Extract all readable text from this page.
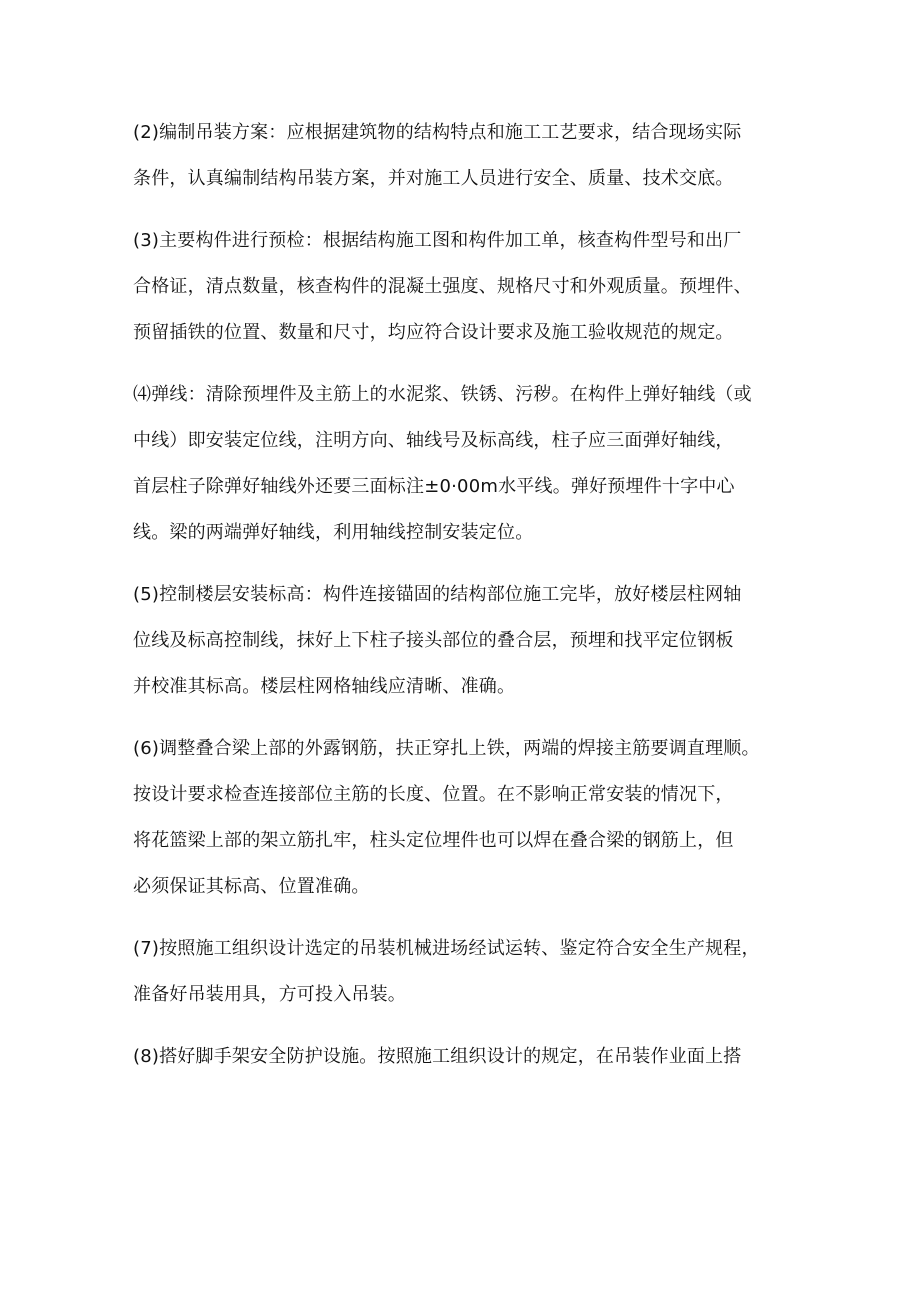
(2)编制吊装方案：应根据建筑物的结构特点和施工工艺要求，结合现场实际
条件，认真编制结构吊装方案，并对施工人员进行安全、质量、技术交底。

(3)主要构件进行预检：根据结构施工图和构件加工单，核查构件型号和出厂
合格证，清点数量，核查构件的混凝土强度、规格尺寸和外观质量。预埋件、
预留插铁的位置、数量和尺寸，均应符合设计要求及施工验收规范的规定。

⑷弹线：清除预埋件及主筋上的水泥浆、铁锈、污秽。在构件上弹好轴线（或
中线）即安装定位线，注明方向、轴线号及标高线，柱子应三面弹好轴线，
首层柱子除弹好轴线外还要三面标注±0·00m水平线。弹好预埋件十字中心
线。梁的两端弹好轴线，利用轴线控制安装定位。

(5)控制楼层安装标高：构件连接锚固的结构部位施工完毕，放好楼层柱网轴
位线及标高控制线，抹好上下柱子接头部位的叠合层，预埋和找平定位钢板
并校准其标高。楼层柱网格轴线应清晰、准确。

(6)调整叠合梁上部的外露钢筋，扶正穿扎上铁，两端的焊接主筋要调直理顺。
按设计要求检查连接部位主筋的长度、位置。在不影响正常安装的情况下，
将花篮梁上部的架立筋扎牢，柱头定位埋件也可以焊在叠合梁的钢筋上，但
必须保证其标高、位置准确。

(7)按照施工组织设计选定的吊装机械进场经试运转、鉴定符合安全生产规程，
准备好吊装用具，方可投入吊装。

(8)搭好脚手架安全防护设施。按照施工组织设计的规定，在吊装作业面上搭
